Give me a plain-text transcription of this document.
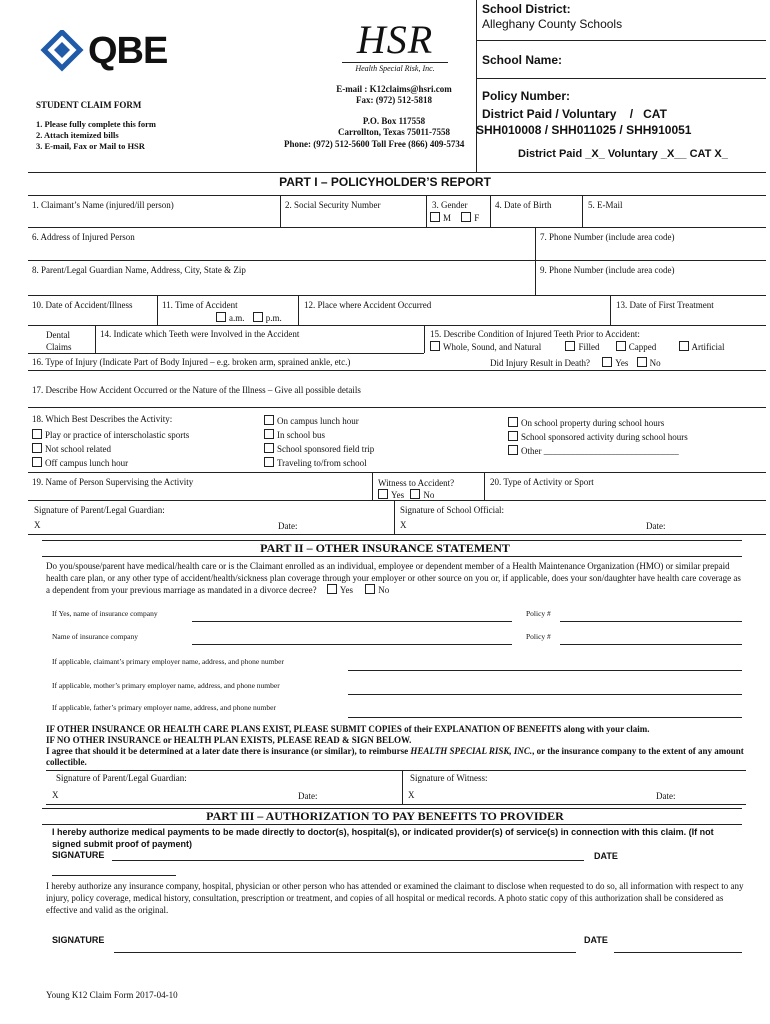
QBE	HSR
Health Special Risk, Inc.
E-mail : K12claims@hsri.com
Fax: (972) 512-5818
P.O. Box 117558
Carrollton, Texas 75011-7558
Phone: (972) 512-5600 Toll Free (866) 409-5734
STUDENT CLAIM FORM
1. Please fully complete this form
2. Attach itemized bills
3. E-mail, Fax or Mail to HSR
School District:
Alleghany County Schools
School Name:
Policy Number:
District Paid / Voluntary    /   CAT
SHH010008 / SHH011025 / SHH910051
District Paid _X_ Voluntary _X__ CAT X_
PART I – POLICYHOLDER’S REPORT
1. Claimant’s Name (injured/ill person)	2. Social Security Number	3. Gender
M	F
4. Date of Birth	5. E-Mail
6. Address of Injured Person	7. Phone Number (include area code)
8. Parent/Legal Guardian Name, Address, City, State & Zip	9. Phone Number (include area code)
10. Date of Accident/Illness	11. Time of Accident
a.m. p.m.
12. Place where Accident Occurred	13. Date of First Treatment
Dental
Claims
14. Indicate which Teeth were Involved in the Accident	15. Describe Condition of Injured Teeth Prior to Accident:
Whole, Sound, and Natural	Filled	Capped	Artificial
16. Type of Injury (Indicate Part of Body Injured – e.g. broken arm, sprained ankle, etc.)	Did Injury Result in Death?	Yes No
17. Describe How Accident Occurred or the Nature of the Illness – Give all possible details
18. Which Best Describes the Activity:
Play or practice of interscholastic sports
Not school related
Off campus lunch hour
On campus lunch hour
In school bus
School sponsored field trip
Traveling to/from school
On school property during school hours
School sponsored activity during school hours
Other ______________________________
19. Name of Person Supervising the Activity	Witness to Accident?
Yes No
20. Type of Activity or Sport
Signature of Parent/Legal Guardian:	Signature of School Official:
X	Date:	X	Date:
PART II – OTHER INSURANCE STATEMENT
Do you/spouse/parent have medical/health care or is the Claimant enrolled as an individual, employee or dependent member of a Health Maintenance Organization (HMO) or similar prepaid health care plan, or any other type of accident/health/sickness plan coverage through your employer or other source on you or, if applicable, does your son/daughter have health care coverage as a dependent from your previous marriage as mandated in a divorce decree?	Yes	No
If Yes, name of insurance company	Policy #
Name of insurance company	Policy #
If applicable, claimant’s primary employer name, address, and phone number
If applicable, mother’s primary employer name, address, and phone number
If applicable, father’s primary employer name, address, and phone number
IF OTHER INSURANCE OR HEALTH CARE PLANS EXIST, PLEASE SUBMIT COPIES of their EXPLANATION OF BENEFITS along with your claim.
IF NO OTHER INSURANCE or HEALTH PLAN EXISTS, PLEASE READ & SIGN BELOW.
I agree that should it be determined at a later date there is insurance (or similar), to reimburse HEALTH SPECIAL RISK, INC., or the insurance company to the extent of any amount collectible.
Signature of Parent/Legal Guardian:	Signature of Witness:
X	Date:	X	Date:
PART III – AUTHORIZATION TO PAY BENEFITS TO PROVIDER
I hereby authorize medical payments to be made directly to doctor(s), hospital(s), or indicated provider(s) of service(s) in connection with this claim. (If not signed submit proof of payment)
SIGNATURE	DATE
I hereby authorize any insurance company, hospital, physician or other person who has attended or examined the claimant to disclose when requested to do so, all information with respect to any injury, policy coverage, medical history, consultation, prescription or treatment, and copies of all hospital or medical records. A photo static copy of this authorization shall be considered as effective and valid as the original.
SIGNATURE	DATE
Young K12 Claim Form 2017-04-10
